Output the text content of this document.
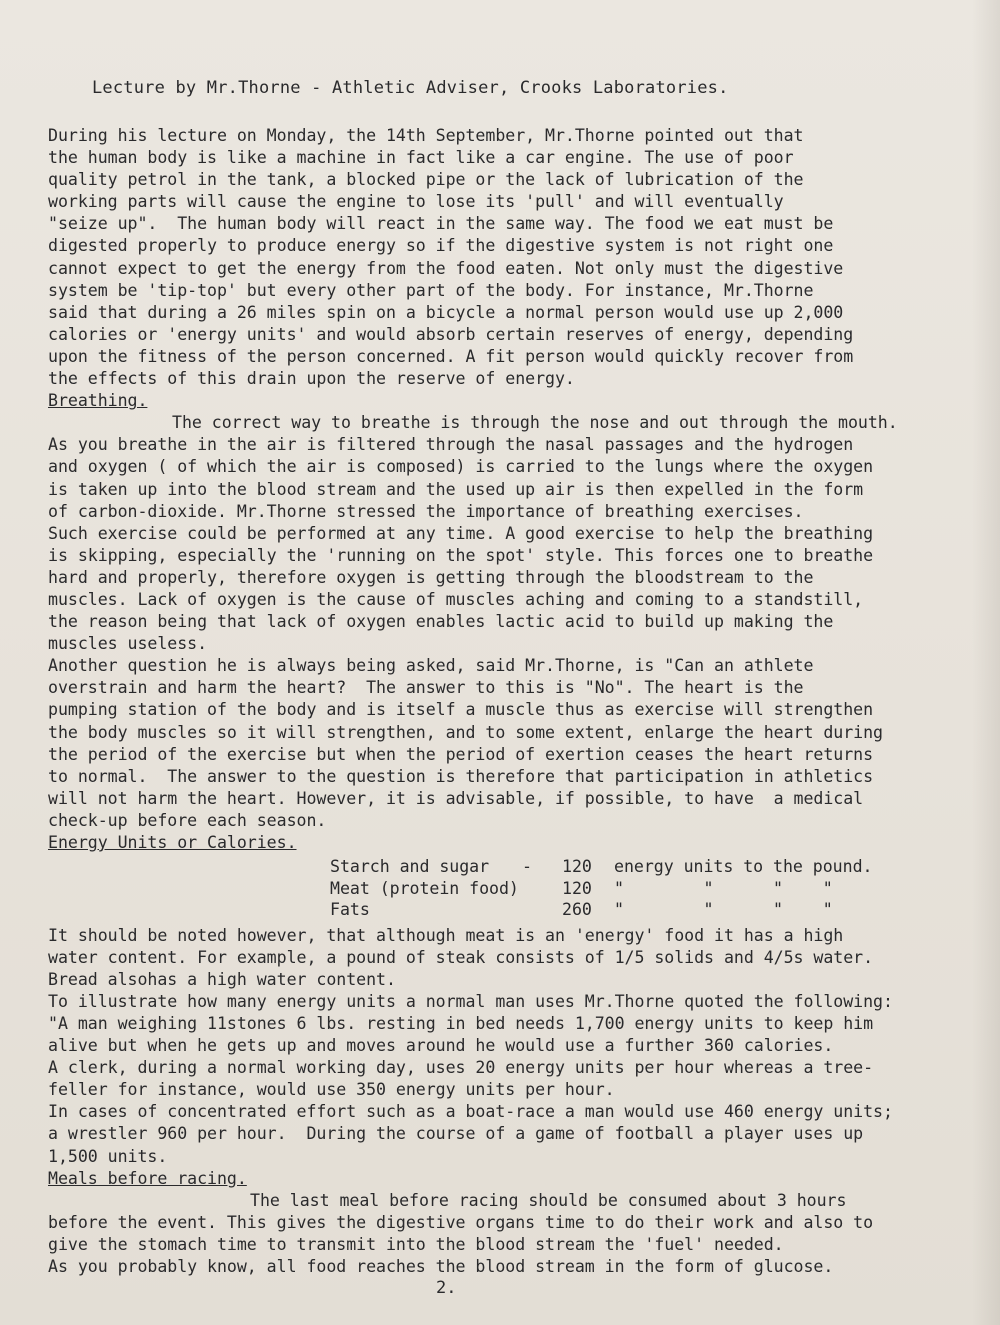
Lecture by Mr.Thorne - Athletic Adviser, Crooks Laboratories.
During his lecture on Monday, the 14th September, Mr.Thorne pointed out that
the human body is like a machine in fact like a car engine. The use of poor
quality petrol in the tank, a blocked pipe or the lack of lubrication of the
working parts will cause the engine to lose its 'pull' and will eventually
"seize up".  The human body will react in the same way. The food we eat must be
digested properly to produce energy so if the digestive system is not right one
cannot expect to get the energy from the food eaten. Not only must the digestive
system be 'tip-top' but every other part of the body. For instance, Mr.Thorne
said that during a 26 miles spin on a bicycle a normal person would use up 2,000
calories or 'energy units' and would absorb certain reserves of energy, depending
upon the fitness of the person concerned. A fit person would quickly recover from
the effects of this drain upon the reserve of energy.
Breathing.
The correct way to breathe is through the nose and out through the mouth.
As you breathe in the air is filtered through the nasal passages and the hydrogen
and oxygen ( of which the air is composed) is carried to the lungs where the oxygen
is taken up into the blood stream and the used up air is then expelled in the form
of carbon-dioxide. Mr.Thorne stressed the importance of breathing exercises.
Such exercise could be performed at any time. A good exercise to help the breathing
is skipping, especially the 'running on the spot' style. This forces one to breathe
hard and properly, therefore oxygen is getting through the bloodstream to the
muscles. Lack of oxygen is the cause of muscles aching and coming to a standstill,
the reason being that lack of oxygen enables lactic acid to build up making the
muscles useless.
Another question he is always being asked, said Mr.Thorne, is "Can an athlete
overstrain and harm the heart?  The answer to this is "No". The heart is the
pumping station of the body and is itself a muscle thus as exercise will strengthen
the body muscles so it will strengthen, and to some extent, enlarge the heart during
the period of the exercise but when the period of exertion ceases the heart returns
to normal.  The answer to the question is therefore that participation in athletics
will not harm the heart. However, it is advisable, if possible, to have  a medical
check-up before each season.
Energy Units or Calories.
Starch and sugar	-	120	energy units to the pound.
Meat (protein food)	120	"        "      "    "
Fats	260	"        "      "    "
It should be noted however, that although meat is an 'energy' food it has a high
water content. For example, a pound of steak consists of 1/5 solids and 4/5s water.
Bread alsohas a high water content.
To illustrate how many energy units a normal man uses Mr.Thorne quoted the following:
"A man weighing 11stones 6 lbs. resting in bed needs 1,700 energy units to keep him
alive but when he gets up and moves around he would use a further 360 calories.
A clerk, during a normal working day, uses 20 energy units per hour whereas a tree-
feller for instance, would use 350 energy units per hour.
In cases of concentrated effort such as a boat-race a man would use 460 energy units;
a wrestler 960 per hour.  During the course of a game of football a player uses up
1,500 units.
Meals before racing.
The last meal before racing should be consumed about 3 hours
before the event. This gives the digestive organs time to do their work and also to
give the stomach time to transmit into the blood stream the 'fuel' needed.
As you probably know, all food reaches the blood stream in the form of glucose.
2.
